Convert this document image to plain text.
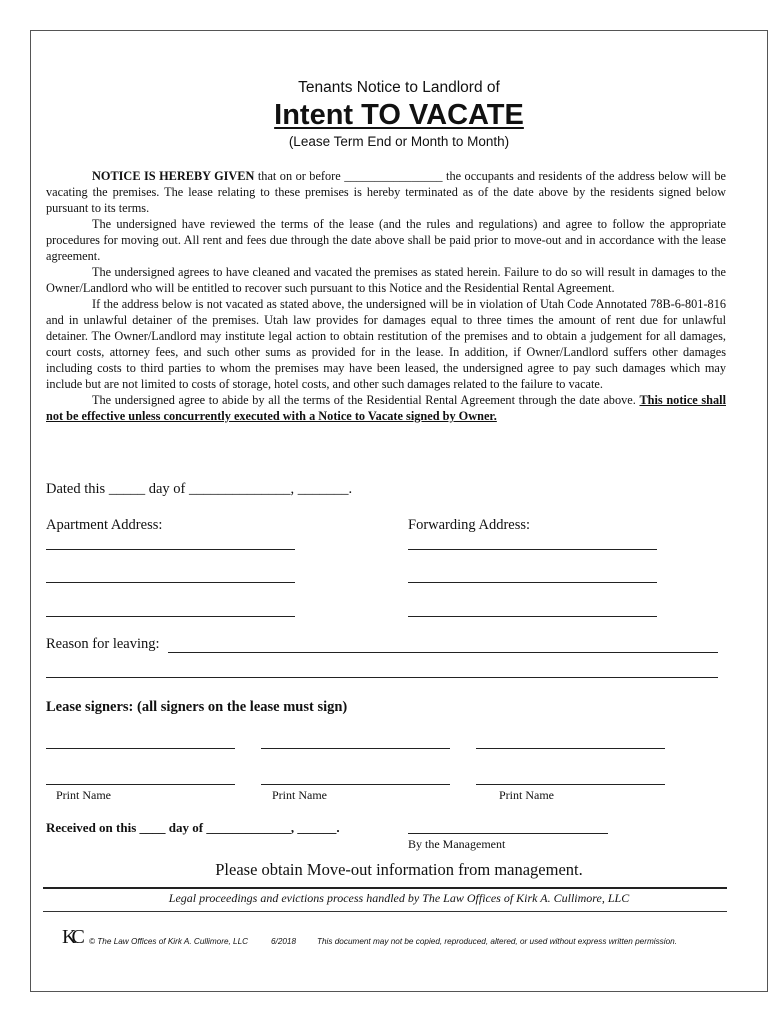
Tenants Notice to Landlord of
Intent TO VACATE
(Lease Term End or Month to Month)

NOTICE IS HEREBY GIVEN that on or before ________________ the occupants and residents of the address below will be vacating the premises. The lease relating to these premises is hereby terminated as of the date above by the residents signed below pursuant to its terms.

The undersigned have reviewed the terms of the lease (and the rules and regulations) and agree to follow the appropriate procedures for moving out. All rent and fees due through the date above shall be paid prior to move-out and in accordance with the lease agreement.

The undersigned agrees to have cleaned and vacated the premises as stated herein. Failure to do so will result in damages to the Owner/Landlord who will be entitled to recover such pursuant to this Notice and the Residential Rental Agreement.

If the address below is not vacated as stated above, the undersigned will be in violation of Utah Code Annotated 78B-6-801-816 and in unlawful detainer of the premises. Utah law provides for damages equal to three times the amount of rent due for unlawful detainer. The Owner/Landlord may institute legal action to obtain restitution of the premises and to obtain a judgement for all damages, court costs, attorney fees, and such other sums as provided for in the lease. In addition, if Owner/Landlord suffers other damages including costs to third parties to whom the premises may have been leased, the undersigned agree to pay such damages which may include but are not limited to costs of storage, hotel costs, and other such damages related to the failure to vacate.

The undersigned agree to abide by all the terms of the Residential Rental Agreement through the date above. This notice shall not be effective unless concurrently executed with a Notice to Vacate signed by Owner.

Dated this _____ day of ______________, _______.
Apartment Address:	Forwarding Address:
Reason for leaving:
Lease signers: (all signers on the lease must sign)
Print Name	Print Name	Print Name
Received on this ____ day of _____________, ______.
By the Management
Please obtain Move-out information from management.
Legal proceedings and evictions process handled by The Law Offices of Kirk A. Cullimore, LLC
KC © The Law Offices of Kirk A. Cullimore, LLC	6/2018	This document may not be copied, reproduced, altered, or used without express written permission.
